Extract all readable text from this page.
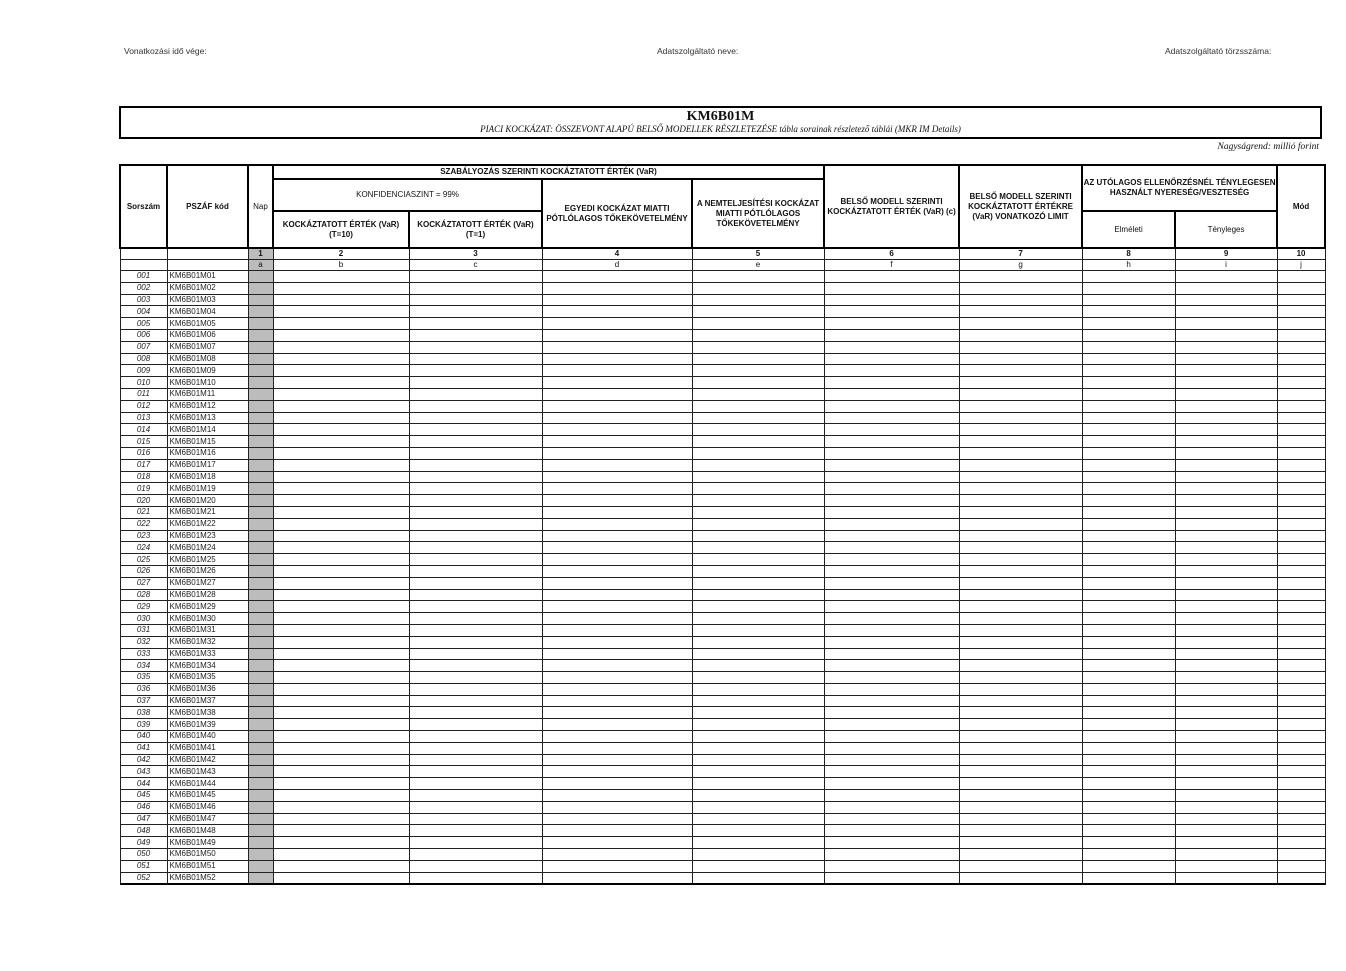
Vonatkozási idő vége:	Adatszolgáltató neve:	Adatszolgáltató törzsszáma:
KM6B01M
PIACI KOCKÁZAT: ÖSSZEVONT ALAPÚ BELSŐ MODELLEK RÉSZLETEZÉSE tábla sorainak részletező táblái (MKR IM Details)
Nagyságrend: millió forint
Sorszám	PSZÁF kód	Nap	SZABÁLYOZÁS SZERINTI KOCKÁZTATOTT ÉRTÉK (VaR)				BELSŐ MODELL SZERINTI KOCKÁZTATOTT ÉRTÉK (VaR) (c)	BELSŐ MODELL SZERINTI KOCKÁZTATOTT ÉRTÉKRE (VaR) VONATKOZÓ LIMIT	AZ UTÓLAGOS ELLENŐRZÉSNÉL TÉNYLEGESEN HASZNÁLT NYERESÉG/VESZTESÉG		Mód
			KONFIDENCIASZINT = 99%		EGYEDI KOCKÁZAT MIATTI PÓTLÓLAGOS TŐKEKÖVETELMÉNY	A NEMTELJESÍTÉSI KOCKÁZAT MIATTI PÓTLÓLAGOS TŐKEKÖVETELMÉNY					
			KOCKÁZTATOTT ÉRTÉK (VaR) (T=10)	KOCKÁZTATOTT ÉRTÉK (VaR) (T=1)					Elméleti	Tényleges	
		1	2	3	4	5	6	7	8	9	10
		a	b	c	d	e	f	g	h	i	j
001	KM6B01M01										
002	KM6B01M02										
003	KM6B01M03										
004	KM6B01M04										
005	KM6B01M05										
006	KM6B01M06										
007	KM6B01M07										
008	KM6B01M08										
009	KM6B01M09										
010	KM6B01M10										
011	KM6B01M11										
012	KM6B01M12										
013	KM6B01M13										
014	KM6B01M14										
015	KM6B01M15										
016	KM6B01M16										
017	KM6B01M17										
018	KM6B01M18										
019	KM6B01M19										
020	KM6B01M20										
021	KM6B01M21										
022	KM6B01M22										
023	KM6B01M23										
024	KM6B01M24										
025	KM6B01M25										
026	KM6B01M26										
027	KM6B01M27										
028	KM6B01M28										
029	KM6B01M29										
030	KM6B01M30										
031	KM6B01M31										
032	KM6B01M32										
033	KM6B01M33										
034	KM6B01M34										
035	KM6B01M35										
036	KM6B01M36										
037	KM6B01M37										
038	KM6B01M38										
039	KM6B01M39										
040	KM6B01M40										
041	KM6B01M41										
042	KM6B01M42										
043	KM6B01M43										
044	KM6B01M44										
045	KM6B01M45										
046	KM6B01M46										
047	KM6B01M47										
048	KM6B01M48										
049	KM6B01M49										
050	KM6B01M50										
051	KM6B01M51										
052	KM6B01M52										
